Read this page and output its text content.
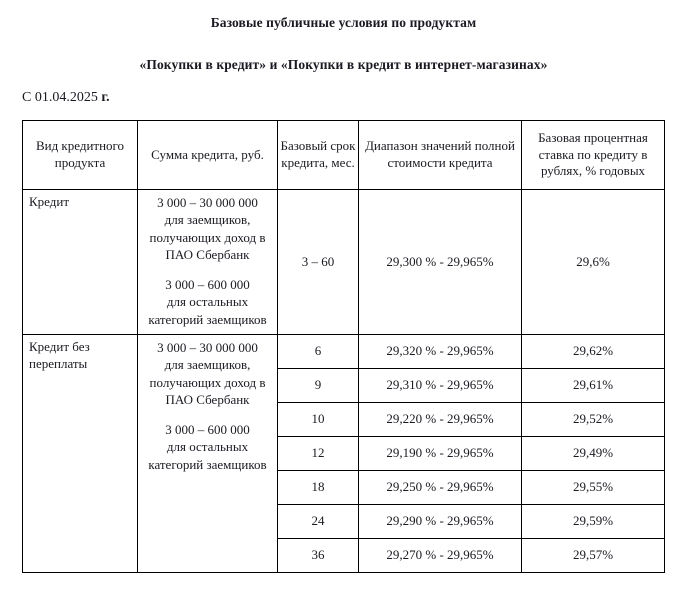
Базовые публичные условия по продуктам
«Покупки в кредит» и «Покупки в кредит в интернет-магазинах»
С 01.04.2025 г.
Вид кредитного продукта	Сумма кредита, руб.	Базовый срок кредита, мес.	Диапазон значений полной стоимости кредита	Базовая процентная ставка по кредиту в рублях, % годовых
Кредит	3 000 – 30 000 000
для заемщиков, получающих доход в ПАО Сбербанк
3 000 – 600 000
для остальных категорий заемщиков	3 – 60	29,300 % - 29,965%	29,6%
Кредит без переплаты	3 000 – 30 000 000
для заемщиков, получающих доход в ПАО Сбербанк
3 000 – 600 000
для остальных категорий заемщиков	6	29,320 % - 29,965%	29,62%
		9	29,310 % - 29,965%	29,61%
		10	29,220 % - 29,965%	29,52%
		12	29,190 % - 29,965%	29,49%
		18	29,250 % - 29,965%	29,55%
		24	29,290 % - 29,965%	29,59%
		36	29,270 % - 29,965%	29,57%
